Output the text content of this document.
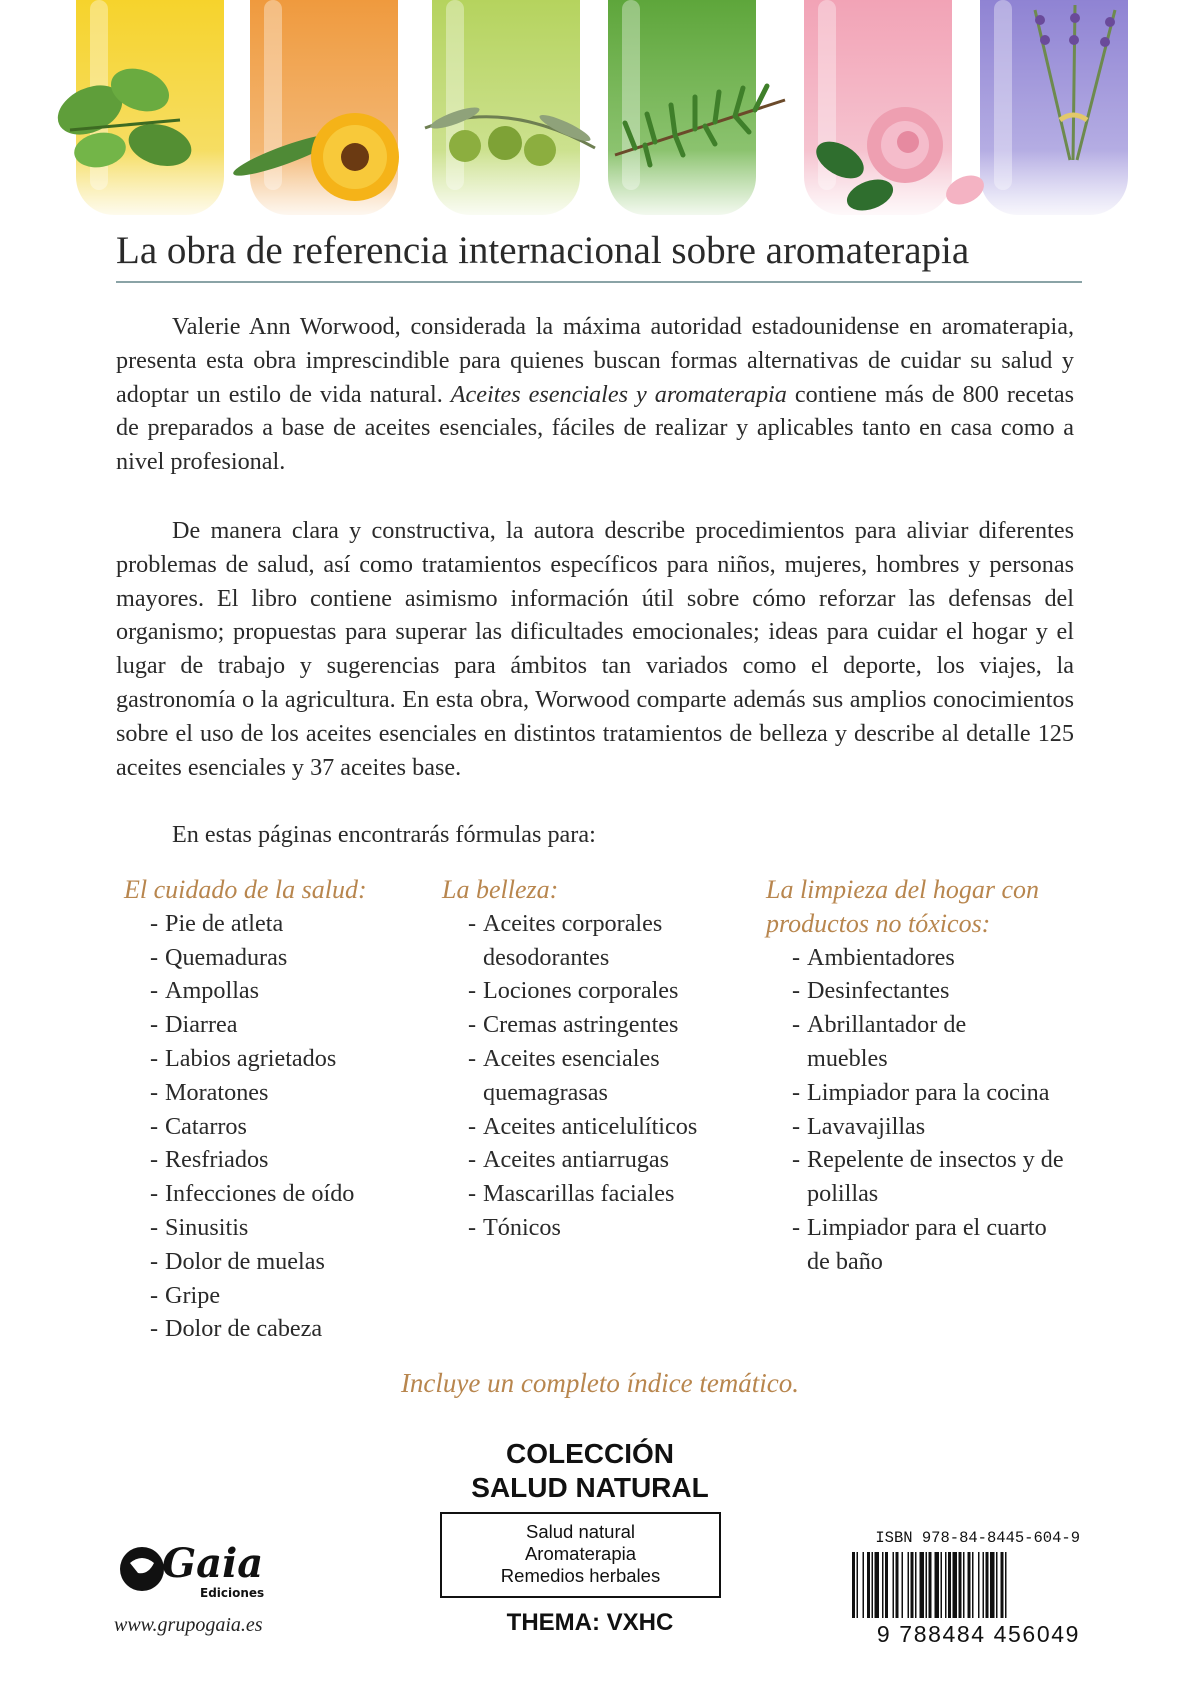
La obra de referencia internacional sobre aromaterapia

Valerie Ann Worwood, considerada la máxima autoridad estadounidense en aromaterapia, presenta esta obra imprescindible para quienes buscan formas alternativas de cuidar su salud y adoptar un estilo de vida natural. Aceites esenciales y aromaterapia contiene más de 800 recetas de preparados a base de aceites esenciales, fáciles de realizar y aplicables tanto en casa como a nivel profesional.

De manera clara y constructiva, la autora describe procedimientos para aliviar diferentes problemas de salud, así como tratamientos específicos para niños, mujeres, hombres y personas mayores. El libro contiene asimismo información útil sobre cómo reforzar las defensas del organismo; propuestas para superar las dificultades emocionales; ideas para cuidar el hogar y el lugar de trabajo y sugerencias para ámbitos tan variados como el deporte, los viajes, la gastronomía o la agricultura. En esta obra, Worwood comparte además sus amplios conocimientos sobre el uso de los aceites esenciales en distintos tratamientos de belleza y describe al detalle 125 aceites esenciales y 37 aceites base.

En estas páginas encontrarás fórmulas para:

El cuidado de la salud:
- Pie de atleta
- Quemaduras
- Ampollas
- Diarrea
- Labios agrietados
- Moratones
- Catarros
- Resfriados
- Infecciones de oído
- Sinusitis
- Dolor de muelas
- Gripe
- Dolor de cabeza
La belleza:
- Aceites corporales desodorantes
- Lociones corporales
- Cremas astringentes
- Aceites esenciales quemagrasas
- Aceites anticelulíticos
- Aceites antiarrugas
- Mascarillas faciales
- Tónicos
La limpieza del hogar con productos no tóxicos:
- Ambientadores
- Desinfectantes
- Abrillantador de muebles
- Limpiador para la cocina
- Lavavajillas
- Repelente de insectos y de polillas
- Limpiador para el cuarto de baño
Incluye un completo índice temático.
COLECCIÓN
SALUD NATURAL
Salud natural
Aromaterapia
Remedios herbales
THEMA: VXHC
Gaia
Ediciones
www.grupogaia.es
ISBN 978-84-8445-604-9
9 788484 456049
